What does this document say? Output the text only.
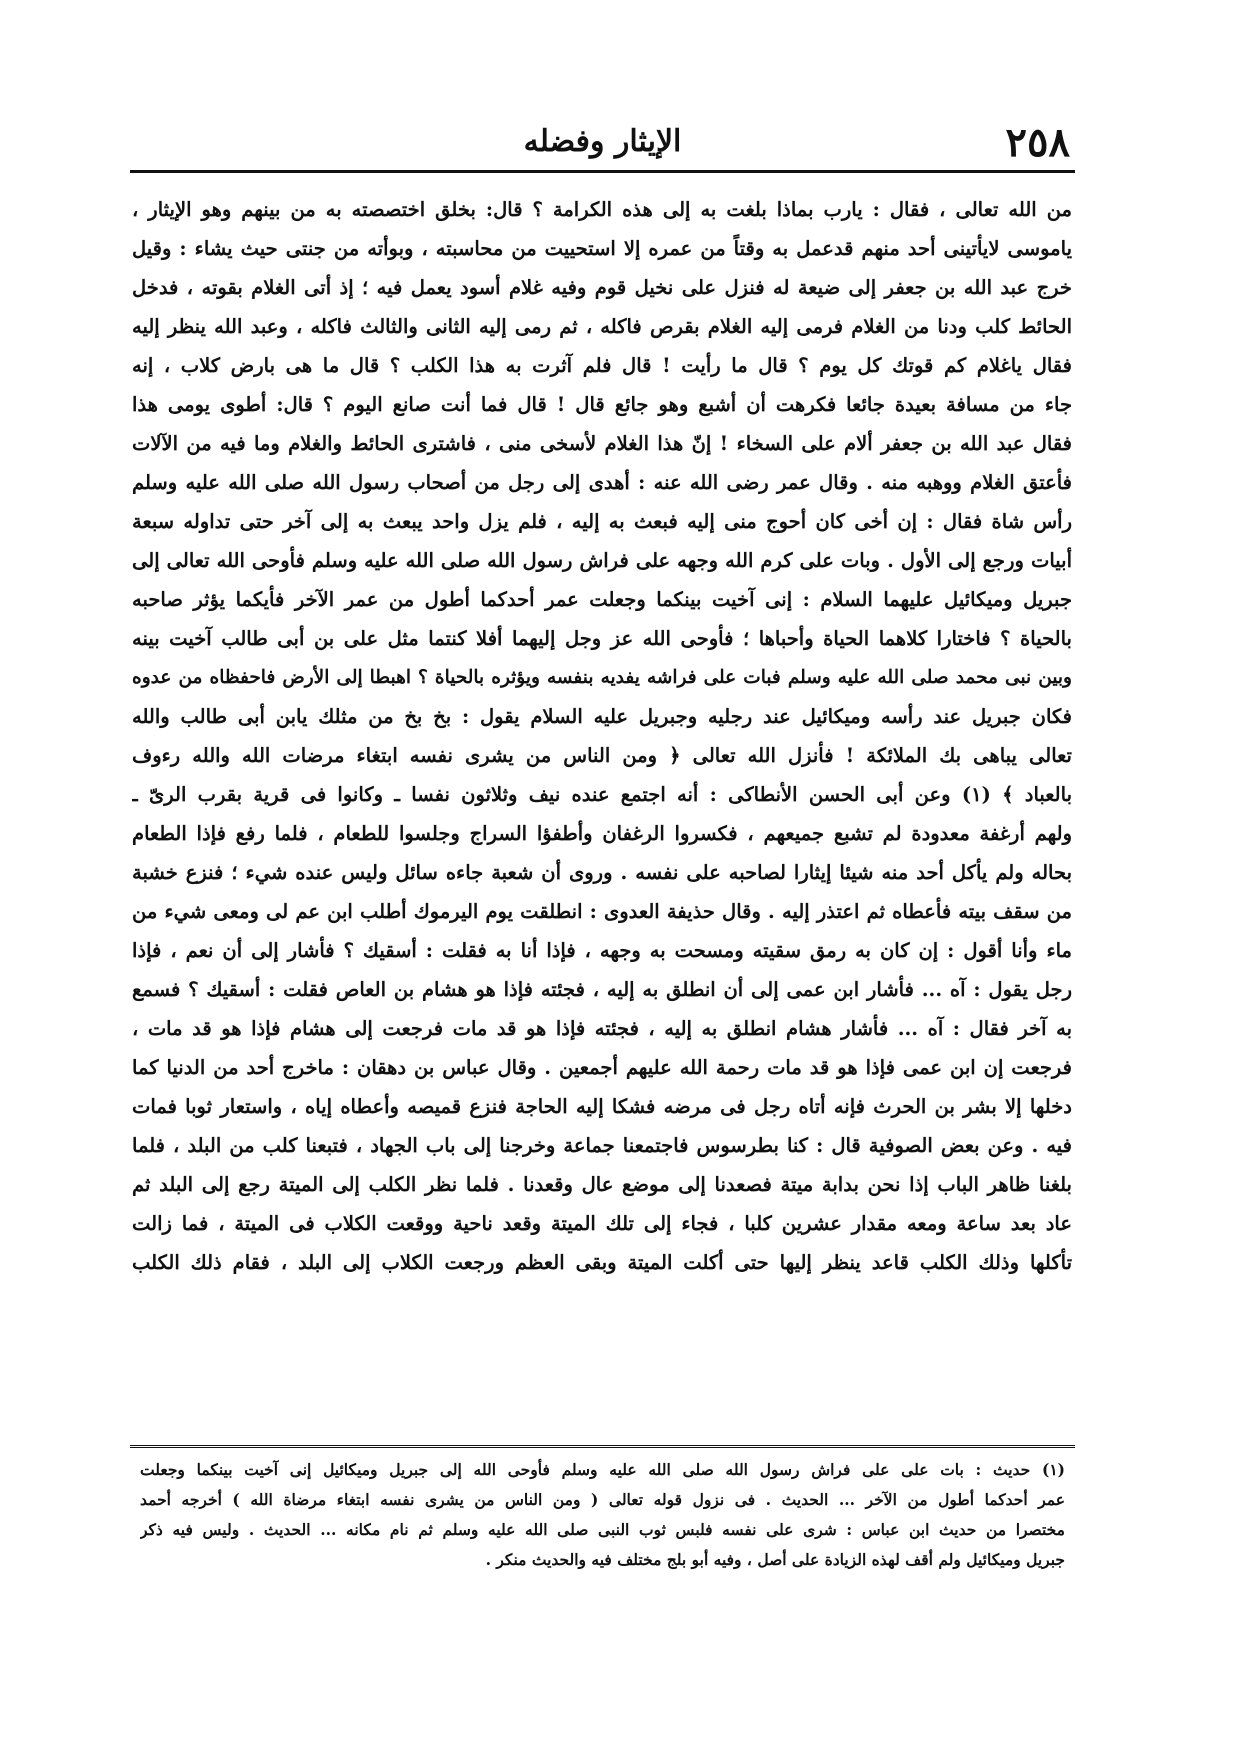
٢٥٨
الإيثار وفضله
من الله تعالى ، فقال : يارب بماذا بلغت به إلى هذه الكرامة ؟ قال: بخلق اختصصته به من بينهم وهو الإيثار ،
ياموسى لايأتينى أحد منهم قدعمل به وقتاً من عمره إلا استحييت من محاسبته ، وبوأته من جنتى حيث يشاء : وقيل
خرج عبد الله بن جعفر إلى ضيعة له فنزل على نخيل قوم وفيه غلام أسود يعمل فيه ؛ إذ أتى الغلام بقوته ، فدخل
الحائط كلب ودنا من الغلام فرمى إليه الغلام بقرص فاكله ، ثم رمى إليه الثانى والثالث فاكله ، وعبد الله ينظر إليه
فقال ياغلام كم قوتك كل يوم ؟ قال ما رأيت ! قال فلم آثرت به هذا الكلب ؟ قال ما هى بارض كلاب ، إنه
جاء من مسافة بعيدة جائعا فكرهت أن أشبع وهو جائع قال ! قال فما أنت صانع اليوم ؟ قال: أطوى يومى هذا
فقال عبد الله بن جعفر ألام على السخاء ! إنّ هذا الغلام لأسخى منى ، فاشترى الحائط والغلام وما فيه من الآلات
فأعتق الغلام ووهبه منه . وقال عمر رضى الله عنه : أهدى إلى رجل من أصحاب رسول الله صلى الله عليه وسلم
رأس شاة فقال : إن أخى كان أحوج منى إليه فبعث به إليه ، فلم يزل واحد يبعث به إلى آخر حتى تداوله سبعة
أبيات ورجع إلى الأول . وبات على كرم الله وجهه على فراش رسول الله صلى الله عليه وسلم فأوحى الله تعالى إلى
جبريل وميكائيل عليهما السلام : إنى آخيت بينكما وجعلت عمر أحدكما أطول من عمر الآخر فأيكما يؤثر صاحبه
بالحياة ؟ فاختارا كلاهما الحياة وأحباها ؛ فأوحى الله عز وجل إليهما أفلا كنتما مثل على بن أبى طالب آخيت بينه
وبين نبى محمد صلى الله عليه وسلم فبات على فراشه يفديه بنفسه ويؤثره بالحياة ؟ اهبطا إلى الأرض فاحفظاه من عدوه
فكان جبريل عند رأسه وميكائيل عند رجليه وجبريل عليه السلام يقول : بخ بخ من مثلك يابن أبى طالب والله
تعالى يباهى بك الملائكة ! فأنزل الله تعالى ﴿ ومن الناس من يشرى نفسه ابتغاء مرضات الله والله رءوف
بالعباد ﴾ (١) وعن أبى الحسن الأنطاكى : أنه اجتمع عنده نيف وثلاثون نفسا ـ وكانوا فى قرية بقرب الرىّ ـ
ولهم أرغفة معدودة لم تشبع جميعهم ، فكسروا الرغفان وأطفؤا السراج وجلسوا للطعام ، فلما رفع فإذا الطعام
بحاله ولم يأكل أحد منه شيئا إيثارا لصاحبه على نفسه . وروى أن شعبة جاءه سائل وليس عنده شيء ؛ فنزع خشبة
من سقف بيته فأعطاه ثم اعتذر إليه . وقال حذيفة العدوى : انطلقت يوم اليرموك أطلب ابن عم لى ومعى شيء من
ماء وأنا أقول : إن كان به رمق سقيته ومسحت به وجهه ، فإذا أنا به فقلت : أسقيك ؟ فأشار إلى أن نعم ، فإذا
رجل يقول : آه ... فأشار ابن عمى إلى أن انطلق به إليه ، فجئته فإذا هو هشام بن العاص فقلت : أسقيك ؟ فسمع
به آخر فقال : آه ... فأشار هشام انطلق به إليه ، فجئته فإذا هو قد مات فرجعت إلى هشام فإذا هو قد مات ،
فرجعت إن ابن عمى فإذا هو قد مات رحمة الله عليهم أجمعين . وقال عباس بن دهقان : ماخرج أحد من الدنيا كما
دخلها إلا بشر بن الحرث فإنه أتاه رجل فى مرضه فشكا إليه الحاجة فنزع قميصه وأعطاه إياه ، واستعار ثوبا فمات
فيه . وعن بعض الصوفية قال : كنا بطرسوس فاجتمعنا جماعة وخرجنا إلى باب الجهاد ، فتبعنا كلب من البلد ، فلما
بلغنا ظاهر الباب إذا نحن بدابة ميتة فصعدنا إلى موضع عال وقعدنا . فلما نظر الكلب إلى الميتة رجع إلى البلد ثم
عاد بعد ساعة ومعه مقدار عشرين كلبا ، فجاء إلى تلك الميتة وقعد ناحية ووقعت الكلاب فى الميتة ، فما زالت
تأكلها وذلك الكلب قاعد ينظر إليها حتى أكلت الميتة وبقى العظم ورجعت الكلاب إلى البلد ، فقام ذلك الكلب
(١) حديث : بات على على فراش رسول الله صلى الله عليه وسلم فأوحى الله إلى جبريل وميكائيل إنى آخيت بينكما وجعلت
عمر أحدكما أطول من الآخر ... الحديث . فى نزول قوله تعالى ( ومن الناس من يشرى نفسه ابتغاء مرضاة الله ) أخرجه أحمد
مختصرا من حديث ابن عباس : شرى على نفسه فلبس ثوب النبى صلى الله عليه وسلم ثم نام مكانه ... الحديث . وليس فيه ذكر
جبريل وميكائيل ولم أقف لهذه الزيادة على أصل ، وفيه أبو بلج مختلف فيه والحديث منكر .
